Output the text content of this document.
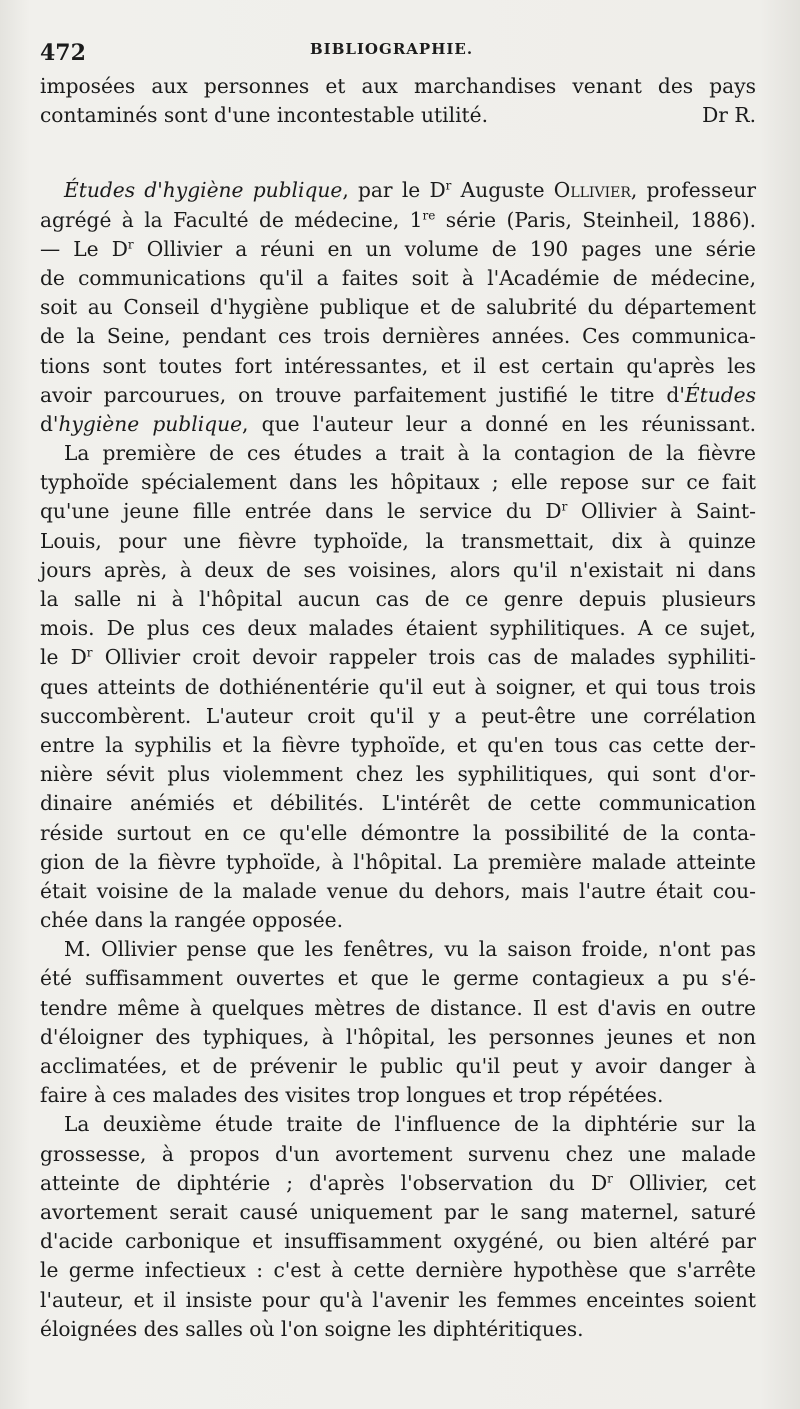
472	BIBLIOGRAPHIE.
imposées aux personnes et aux marchandises venant des pays
contaminés sont d'une incontestable utilité.	Dr R.
Études d'hygiène publique, par le $D^r$ Auguste Ollivier, professeur
agrégé à la Faculté de médecine, 1re série (Paris, Steinheil, 1886).
— Le $D^r$ Ollivier a réuni en un volume de 190 pages une série
de communications qu'il a faites soit à l'Académie de médecine,
soit au Conseil d'hygiène publique et de salubrité du département
de la Seine, pendant ces trois dernières années. Ces communica-
tions sont toutes fort intéressantes, et il est certain qu'après les
avoir parcourues, on trouve parfaitement justifié le titre d'Études
d'hygiène publique, que l'auteur leur a donné en les réunissant.
La première de ces études a trait à la contagion de la fièvre
typhoïde spécialement dans les hôpitaux ; elle repose sur ce fait
qu'une jeune fille entrée dans le service du $D^r$ Ollivier à Saint-
Louis, pour une fièvre typhoïde, la transmettait, dix à quinze
jours après, à deux de ses voisines, alors qu'il n'existait ni dans
la salle ni à l'hôpital aucun cas de ce genre depuis plusieurs
mois. De plus ces deux malades étaient syphilitiques. A ce sujet,
le $D^r$ Ollivier croit devoir rappeler trois cas de malades syphiliti-
ques atteints de dothiénentérie qu'il eut à soigner, et qui tous trois
succombèrent. L'auteur croit qu'il y a peut-être une corrélation
entre la syphilis et la fièvre typhoïde, et qu'en tous cas cette der-
nière sévit plus violemment chez les syphilitiques, qui sont d'or-
dinaire anémiés et débilités. L'intérêt de cette communication
réside surtout en ce qu'elle démontre la possibilité de la conta-
gion de la fièvre typhoïde, à l'hôpital. La première malade atteinte
était voisine de la malade venue du dehors, mais l'autre était cou-
chée dans la rangée opposée.
M. Ollivier pense que les fenêtres, vu la saison froide, n'ont pas
été suffisamment ouvertes et que le germe contagieux a pu s'é-
tendre même à quelques mètres de distance. Il est d'avis en outre
d'éloigner des typhiques, à l'hôpital, les personnes jeunes et non
acclimatées, et de prévenir le public qu'il peut y avoir danger à
faire à ces malades des visites trop longues et trop répétées.
La deuxième étude traite de l'influence de la diphtérie sur la
grossesse, à propos d'un avortement survenu chez une malade
atteinte de diphtérie ; d'après l'observation du $D^r$ Ollivier, cet
avortement serait causé uniquement par le sang maternel, saturé
d'acide carbonique et insuffisamment oxygéné, ou bien altéré par
le germe infectieux : c'est à cette dernière hypothèse que s'arrête
l'auteur, et il insiste pour qu'à l'avenir les femmes enceintes soient
éloignées des salles où l'on soigne les diphtéritiques.
